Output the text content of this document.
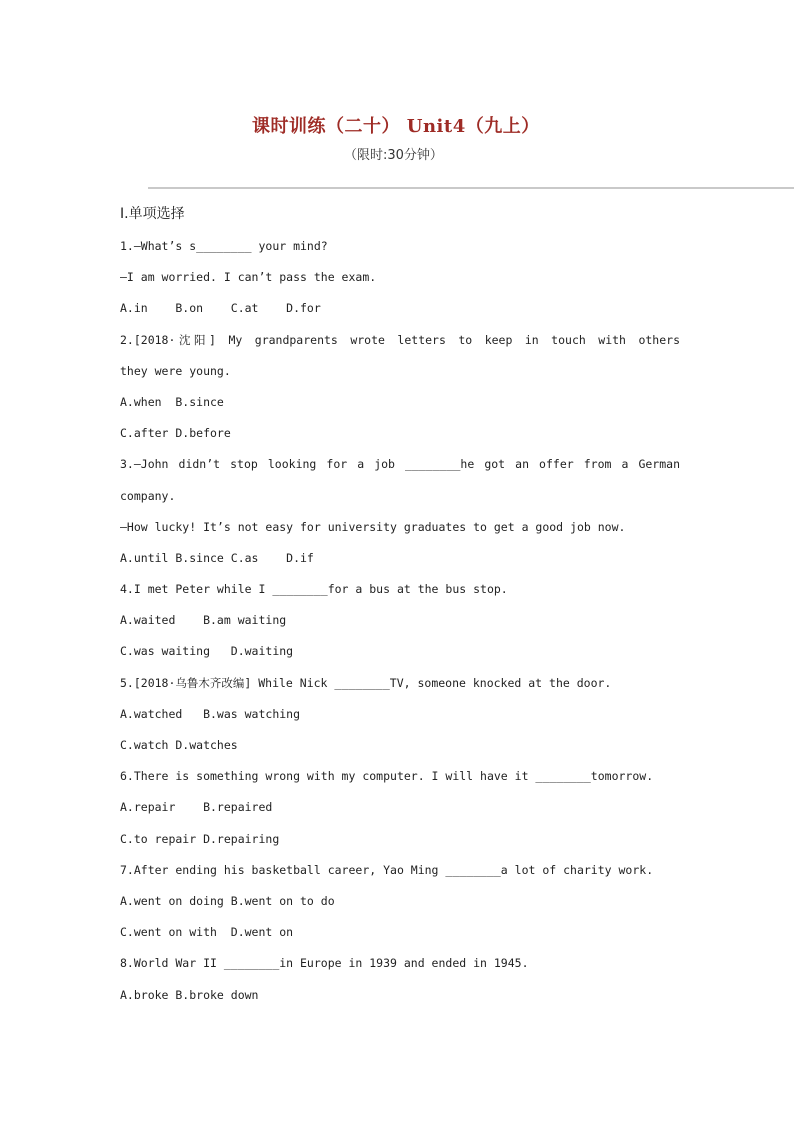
课时训练（二十） Unit4（九上）
（限时:30分钟）
Ⅰ.单项选择
1.—What’s s________ your mind?
—I am worried. I can’t pass the exam.
A.in    B.on    C.at    D.for
2.[2018·沈阳] My grandparents wrote letters to keep in touch with others
they were young.
A.when  B.since
C.after D.before
3.—John didn’t stop looking for a job ________he got an offer from a German
company.
—How lucky! It’s not easy for university graduates to get a good job now.
A.until B.since C.as    D.if
4.I met Peter while I ________for a bus at the bus stop.
A.waited    B.am waiting
C.was waiting   D.waiting
5.[2018·乌鲁木齐改编] While Nick ________TV, someone knocked at the door.
A.watched   B.was watching
C.watch D.watches
6.There is something wrong with my computer. I will have it ________tomorrow.
A.repair    B.repaired
C.to repair D.repairing
7.After ending his basketball career, Yao Ming ________a lot of charity work.
A.went on doing B.went on to do
C.went on with  D.went on
8.World War II ________in Europe in 1939 and ended in 1945.
A.broke B.broke down
